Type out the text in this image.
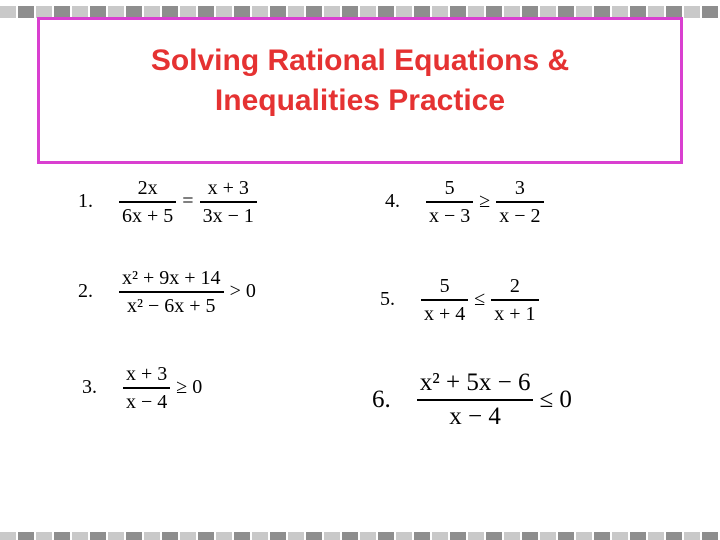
Solving Rational Equations &
Inequalities Practice
1. $\frac{2x}{6x + 5} = \frac{x + 3}{3x - 1}$
2. $\frac{\text{x² + 9x + 14}}{\text{x² − 6x + 5}} > 0$
3. $\frac{x + 3}{x - 4} \ge 0$
4. $\frac{5}{x - 3} \ge \frac{3}{x - 2}$
5. $\frac{5}{x + 4} \le \frac{2}{x + 1}$
6. $\frac{\text{x² + 5x − 6}}{x - 4} \le 0$
